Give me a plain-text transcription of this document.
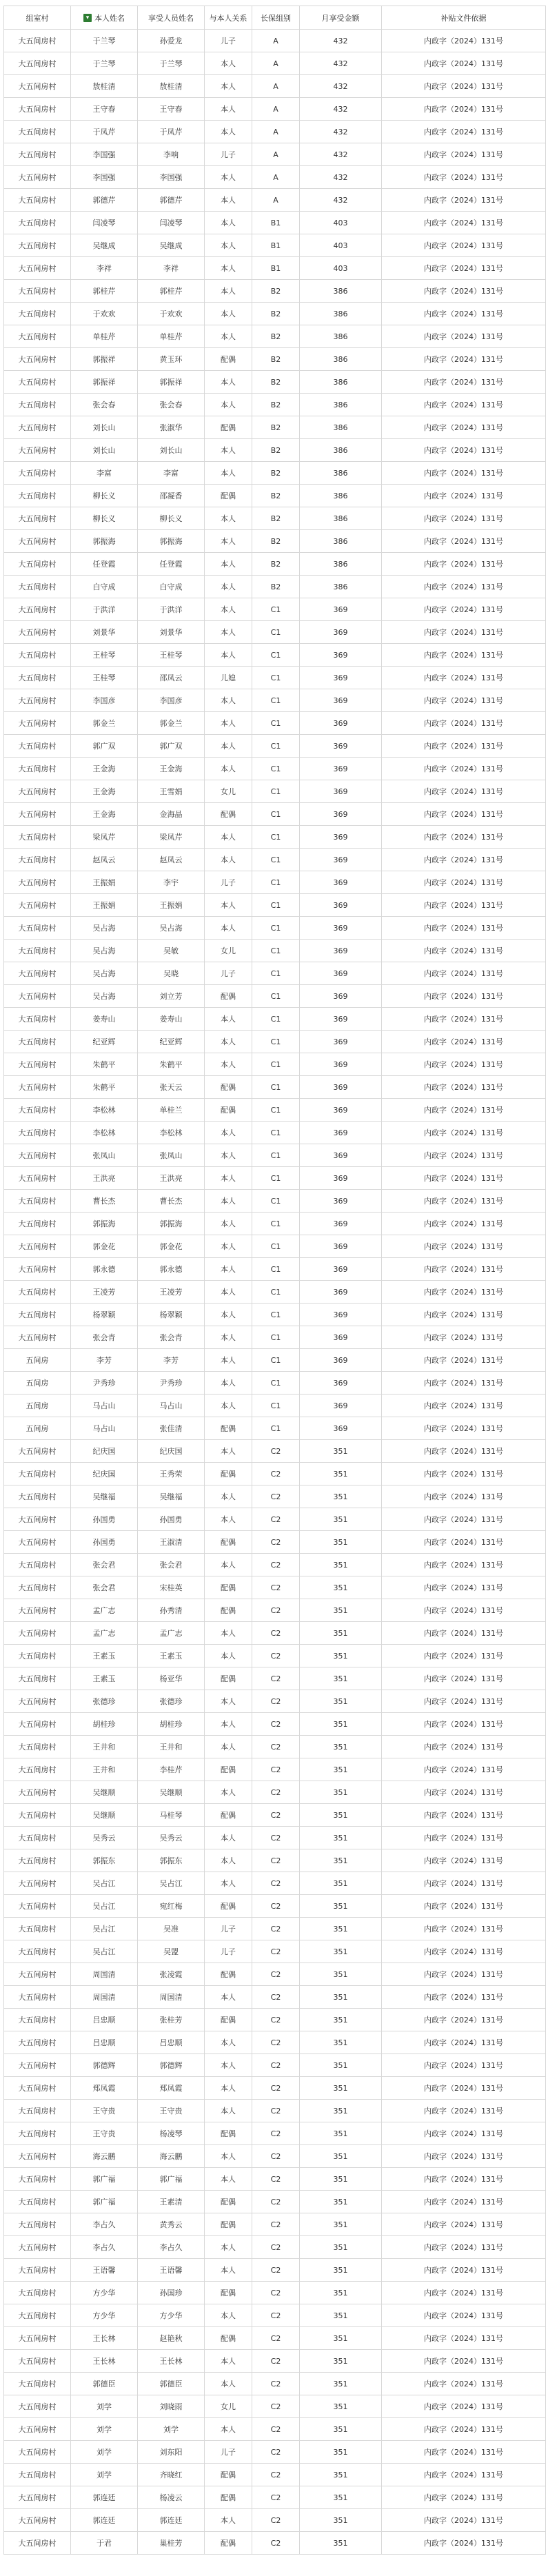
组室村	▾ 本人姓名	享受人员姓名	与本人关系	长保组别	月享受金额	补贴文件依据
大五间房村	于兰琴	孙爱龙	儿子	A	432	内政字（2024）131号
大五间房村	于兰琴	于兰琴	本人	A	432	内政字（2024）131号
大五间房村	敖桂清	敖桂清	本人	A	432	内政字（2024）131号
大五间房村	王守春	王守春	本人	A	432	内政字（2024）131号
大五间房村	于凤芹	于凤芹	本人	A	432	内政字（2024）131号
大五间房村	李国强	李响	儿子	A	432	内政字（2024）131号
大五间房村	李国强	李国强	本人	A	432	内政字（2024）131号
大五间房村	郭德芹	郭德芹	本人	A	432	内政字（2024）131号
大五间房村	闫凌琴	闫凌琴	本人	B1	403	内政字（2024）131号
大五间房村	吴继成	吴继成	本人	B1	403	内政字（2024）131号
大五间房村	李祥	李祥	本人	B1	403	内政字（2024）131号
大五间房村	郭桂芹	郭桂芹	本人	B2	386	内政字（2024）131号
大五间房村	于欢欢	于欢欢	本人	B2	386	内政字（2024）131号
大五间房村	单桂芹	单桂芹	本人	B2	386	内政字（2024）131号
大五间房村	郭振祥	黄玉环	配偶	B2	386	内政字（2024）131号
大五间房村	郭振祥	郭振祥	本人	B2	386	内政字（2024）131号
大五间房村	张会春	张会春	本人	B2	386	内政字（2024）131号
大五间房村	刘长山	张淑华	配偶	B2	386	内政字（2024）131号
大五间房村	刘长山	刘长山	本人	B2	386	内政字（2024）131号
大五间房村	李富	李富	本人	B2	386	内政字（2024）131号
大五间房村	柳长义	邵凝香	配偶	B2	386	内政字（2024）131号
大五间房村	柳长义	柳长义	本人	B2	386	内政字（2024）131号
大五间房村	郭振海	郭振海	本人	B2	386	内政字（2024）131号
大五间房村	任登霞	任登霞	本人	B2	386	内政字（2024）131号
大五间房村	白守成	白守成	本人	B2	386	内政字（2024）131号
大五间房村	于洪洋	于洪洋	本人	C1	369	内政字（2024）131号
大五间房村	刘景华	刘景华	本人	C1	369	内政字（2024）131号
大五间房村	王桂琴	王桂琴	本人	C1	369	内政字（2024）131号
大五间房村	王桂琴	邵凤云	儿媳	C1	369	内政字（2024）131号
大五间房村	李国彦	李国彦	本人	C1	369	内政字（2024）131号
大五间房村	郭金兰	郭金兰	本人	C1	369	内政字（2024）131号
大五间房村	郭广双	郭广双	本人	C1	369	内政字（2024）131号
大五间房村	王金海	王金海	本人	C1	369	内政字（2024）131号
大五间房村	王金海	王雪娟	女儿	C1	369	内政字（2024）131号
大五间房村	王金海	金海晶	配偶	C1	369	内政字（2024）131号
大五间房村	梁凤芹	梁凤芹	本人	C1	369	内政字（2024）131号
大五间房村	赵凤云	赵凤云	本人	C1	369	内政字（2024）131号
大五间房村	王振娟	李宇	儿子	C1	369	内政字（2024）131号
大五间房村	王振娟	王振娟	本人	C1	369	内政字（2024）131号
大五间房村	吴占海	吴占海	本人	C1	369	内政字（2024）131号
大五间房村	吴占海	吴敏	女儿	C1	369	内政字（2024）131号
大五间房村	吴占海	吴晓	儿子	C1	369	内政字（2024）131号
大五间房村	吴占海	刘立芳	配偶	C1	369	内政字（2024）131号
大五间房村	姜寿山	姜寿山	本人	C1	369	内政字（2024）131号
大五间房村	纪亚辉	纪亚辉	本人	C1	369	内政字（2024）131号
大五间房村	朱鹤平	朱鹤平	本人	C1	369	内政字（2024）131号
大五间房村	朱鹤平	张天云	配偶	C1	369	内政字（2024）131号
大五间房村	李松林	单桂兰	配偶	C1	369	内政字（2024）131号
大五间房村	李松林	李松林	本人	C1	369	内政字（2024）131号
大五间房村	张凤山	张凤山	本人	C1	369	内政字（2024）131号
大五间房村	王洪亮	王洪亮	本人	C1	369	内政字（2024）131号
大五间房村	曹长杰	曹长杰	本人	C1	369	内政字（2024）131号
大五间房村	郭振海	郭振海	本人	C1	369	内政字（2024）131号
大五间房村	郭金花	郭金花	本人	C1	369	内政字（2024）131号
大五间房村	郭永德	郭永德	本人	C1	369	内政字（2024）131号
大五间房村	王凌芳	王凌芳	本人	C1	369	内政字（2024）131号
大五间房村	杨翠颖	杨翠颖	本人	C1	369	内政字（2024）131号
大五间房村	张会青	张会青	本人	C1	369	内政字（2024）131号
五间房	李芳	李芳	本人	C1	369	内政字（2024）131号
五间房	尹秀珍	尹秀珍	本人	C1	369	内政字（2024）131号
五间房	马占山	马占山	本人	C1	369	内政字（2024）131号
五间房	马占山	张佳清	配偶	C1	369	内政字（2024）131号
大五间房村	纪庆国	纪庆国	本人	C2	351	内政字（2024）131号
大五间房村	纪庆国	王秀荣	配偶	C2	351	内政字（2024）131号
大五间房村	吴继福	吴继福	本人	C2	351	内政字（2024）131号
大五间房村	孙国勇	孙国勇	本人	C2	351	内政字（2024）131号
大五间房村	孙国勇	王淑清	配偶	C2	351	内政字（2024）131号
大五间房村	张会君	张会君	本人	C2	351	内政字（2024）131号
大五间房村	张会君	宋桂英	配偶	C2	351	内政字（2024）131号
大五间房村	孟广志	孙秀清	配偶	C2	351	内政字（2024）131号
大五间房村	孟广志	孟广志	本人	C2	351	内政字（2024）131号
大五间房村	王素玉	王素玉	本人	C2	351	内政字（2024）131号
大五间房村	王素玉	杨亚华	配偶	C2	351	内政字（2024）131号
大五间房村	张德珍	张德珍	本人	C2	351	内政字（2024）131号
大五间房村	胡桂珍	胡桂珍	本人	C2	351	内政字（2024）131号
大五间房村	王井和	王井和	本人	C2	351	内政字（2024）131号
大五间房村	王井和	李桂芹	配偶	C2	351	内政字（2024）131号
大五间房村	吴继顺	吴继顺	本人	C2	351	内政字（2024）131号
大五间房村	吴继顺	马桂琴	配偶	C2	351	内政字（2024）131号
大五间房村	吴秀云	吴秀云	本人	C2	351	内政字（2024）131号
大五间房村	郭振东	郭振东	本人	C2	351	内政字（2024）131号
大五间房村	吴占江	吴占江	本人	C2	351	内政字（2024）131号
大五间房村	吴占江	宛红梅	配偶	C2	351	内政字（2024）131号
大五间房村	吴占江	吴准	儿子	C2	351	内政字（2024）131号
大五间房村	吴占江	吴盟	儿子	C2	351	内政字（2024）131号
大五间房村	周国清	张凌霞	配偶	C2	351	内政字（2024）131号
大五间房村	周国清	周国清	本人	C2	351	内政字（2024）131号
大五间房村	吕忠顺	张桂芳	配偶	C2	351	内政字（2024）131号
大五间房村	吕忠顺	吕忠顺	本人	C2	351	内政字（2024）131号
大五间房村	郭德辉	郭德辉	本人	C2	351	内政字（2024）131号
大五间房村	郑凤霞	郑凤霞	本人	C2	351	内政字（2024）131号
大五间房村	王守贵	王守贵	本人	C2	351	内政字（2024）131号
大五间房村	王守贵	杨凌琴	配偶	C2	351	内政字（2024）131号
大五间房村	海云鹏	海云鹏	本人	C2	351	内政字（2024）131号
大五间房村	郭广福	郭广福	本人	C2	351	内政字（2024）131号
大五间房村	郭广福	王素清	配偶	C2	351	内政字（2024）131号
大五间房村	李占久	黄秀云	配偶	C2	351	内政字（2024）131号
大五间房村	李占久	李占久	本人	C2	351	内政字（2024）131号
大五间房村	王语馨	王语馨	本人	C2	351	内政字（2024）131号
大五间房村	方少华	孙国珍	配偶	C2	351	内政字（2024）131号
大五间房村	方少华	方少华	本人	C2	351	内政字（2024）131号
大五间房村	王长林	赵艳秋	配偶	C2	351	内政字（2024）131号
大五间房村	王长林	王长林	本人	C2	351	内政字（2024）131号
大五间房村	郭德臣	郭德臣	本人	C2	351	内政字（2024）131号
大五间房村	刘学	刘晓雨	女儿	C2	351	内政字（2024）131号
大五间房村	刘学	刘学	本人	C2	351	内政字（2024）131号
大五间房村	刘学	刘东阳	儿子	C2	351	内政字（2024）131号
大五间房村	刘学	齐晓红	配偶	C2	351	内政字（2024）131号
大五间房村	郭连廷	杨凌云	配偶	C2	351	内政字（2024）131号
大五间房村	郭连廷	郭连廷	本人	C2	351	内政字（2024）131号
大五间房村	于君	巢桂芳	配偶	C2	351	内政字（2024）131号
